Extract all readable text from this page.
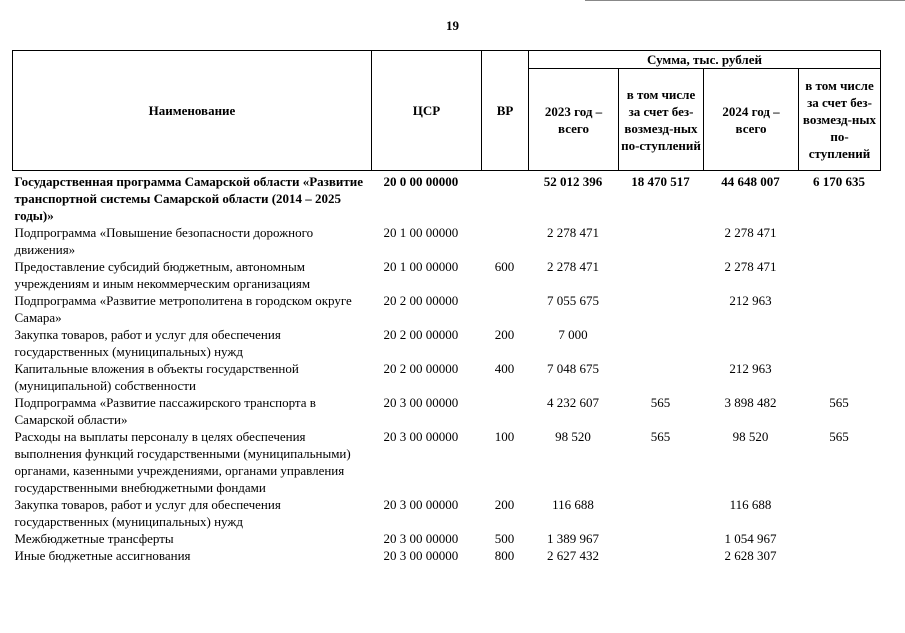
19
Наименование	ЦСР	ВР	Сумма, тыс. рублей			
			2023 год – всего	в том числе за счет без-возмезд-ных по-ступлений	2024 год – всего	в том числе за счет без-возмезд-ных по-ступлений
Государственная программа Самарской области «Развитие транспортной системы Самарской области (2014 – 2025 годы)»	20 0 00 00000		52 012 396	18 470 517	44 648 007	6 170 635
Подпрограмма «Повышение безопасности дорожного движения»	20 1 00 00000		2 278 471		2 278 471	
Предоставление субсидий бюджетным, автономным учреждениям и иным некоммерческим организациям	20 1 00 00000	600	2 278 471		2 278 471	
Подпрограмма «Развитие метрополитена в городском округе Самара»	20 2 00 00000		7 055 675		212 963	
Закупка товаров, работ и услуг для обеспечения государственных (муниципальных) нужд	20 2 00 00000	200	7 000			
Капитальные вложения в объекты государственной (муниципальной) собственности	20 2 00 00000	400	7 048 675		212 963	
Подпрограмма «Развитие пассажирского транспорта в Самарской области»	20 3 00 00000		4 232 607	565	3 898 482	565
Расходы на выплаты персоналу в целях обеспечения выполнения функций государственными (муниципальными) органами, казенными учреждениями, органами управления государственными внебюджетными фондами	20 3 00 00000	100	98 520	565	98 520	565
Закупка товаров, работ и услуг для обеспечения государственных (муниципальных) нужд	20 3 00 00000	200	116 688		116 688	
Межбюджетные трансферты	20 3 00 00000	500	1 389 967		1 054 967	
Иные бюджетные ассигнования	20 3 00 00000	800	2 627 432		2 628 307	
